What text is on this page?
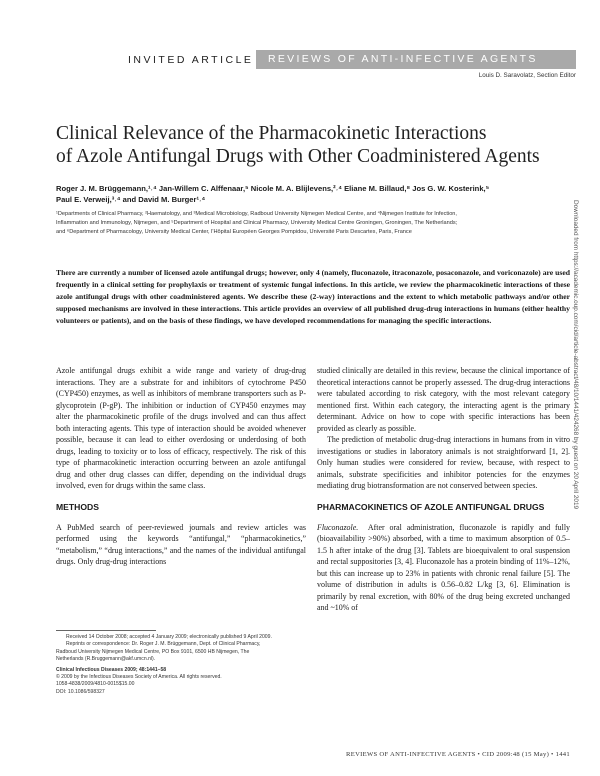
INVITED ARTICLE	REVIEWS OF ANTI-INFECTIVE AGENTS
Louis D. Saravolatz, Section Editor
Clinical Relevance of the Pharmacokinetic Interactions
of Azole Antifungal Drugs with Other Coadministered Agents
Roger J. M. Brüggemann,¹˒⁴ Jan-Willem C. Alffenaar,⁵ Nicole M. A. Blijlevens,²˒⁴ Eliane M. Billaud,⁸ Jos G. W. Kosterink,⁵
Paul E. Verweij,³˒⁴ and David M. Burger¹˒⁴
¹Departments of Clinical Pharmacy, ²Haematology, and ³Medical Microbiology, Radboud University Nijmegen Medical Centre, and ⁴Nijmegen Institute for Infection,
Inflammation and Immunology, Nijmegen, and ⁵Department of Hospital and Clinical Pharmacy, University Medical Centre Groningen, Groningen, The Netherlands;
and ⁶Department of Pharmacology, University Medical Center, l'Hôpital Européen Georges Pompidou, Université Paris Descartes, Paris, France
There are currently a number of licensed azole antifungal drugs; however, only 4 (namely, fluconazole, itraconazole, posaconazole, and voriconazole) are used frequently in a clinical setting for prophylaxis or treatment of systemic fungal infections. In this article, we review the pharmacokinetic interactions of these azole antifungal drugs with other coadministered agents. We describe these (2-way) interactions and the extent to which metabolic pathways and/or other supposed mechanisms are involved in these interactions. This article provides an overview of all published drug-drug interactions in humans (either healthy volunteers or patients), and on the basis of these findings, we have developed recommendations for managing the specific interactions.

Azole antifungal drugs exhibit a wide range and variety of drug-drug interactions. They are a substrate for and inhibitors of cytochrome P450 (CYP450) enzymes, as well as inhibitors of membrane transporters such as P-glycoprotein (P-gP). The inhibition or induction of CYP450 enzymes may alter the pharmacokinetic profile of the drugs involved and can thus affect both interacting agents. This type of interaction should be avoided whenever possible, because it can lead to either overdosing or underdosing of both drugs, leading to toxicity or to loss of efficacy, respectively. The risk of this type of pharmacokinetic interaction occurring between an azole antifungal drug and other drug classes can differ, depending on the individual drugs involved, even for drugs within the same class.

METHODS

A PubMed search of peer-reviewed journals and review articles was performed using the keywords “antifungal,” “pharmacokinetics,” “metabolism,” “drug interactions,” and the names of the individual antifungal drugs. Only drug-drug interactions

studied clinically are detailed in this review, because the clinical importance of theoretical interactions cannot be properly assessed. The drug-drug interactions were tabulated according to risk category, with the most relevant category mentioned first. Within each category, the interacting agent is the primary determinant. Advice on how to cope with specific interactions has been provided as clearly as possible.

The prediction of metabolic drug-drug interactions in humans from in vitro investigations or studies in laboratory animals is not straightforward [1, 2]. Only human studies were considered for review, because, with respect to animals, substrate specificities and inhibitor potencies for the enzymes mediating drug biotransformation are not conserved between species.

PHARMACOKINETICS OF AZOLE ANTIFUNGAL DRUGS

Fluconazole. After oral administration, fluconazole is rapidly and fully (bioavailability >90%) absorbed, with a time to maximum absorption of 0.5–1.5 h after intake of the drug [3]. Tablets are bioequivalent to oral suspension and rectal suppositories [3, 4]. Fluconazole has a protein binding of 11%–12%, but this can increase up to 23% in patients with chronic renal failure [5]. The volume of distribution in adults is 0.56–0.82 L/kg [3, 6]. Elimination is primarily by renal excretion, with 80% of the drug being excreted unchanged and ~10% of

Received 14 October 2008; accepted 4 January 2009; electronically published 9 April 2009.
Reprints or correspondence: Dr. Roger J. M. Brüggemann, Dept. of Clinical Pharmacy,
Radboud University Nijmegen Medical Centre, PO Box 9101, 6500 HB Nijmegen, The
Netherlands (R.Bruggemann@akf.umcn.nl).
Clinical Infectious Diseases 2009; 48:1441–58
© 2009 by the Infectious Diseases Society of America. All rights reserved.
1058-4838/2009/4810-0015$15.00
DOI: 10.1086/598327
REVIEWS OF ANTI-INFECTIVE AGENTS • CID 2009:48 (15 May) • 1441
Downloaded from https://academic.oup.com/cid/article-abstract/48/10/1441/424268 by guest on 20 April 2019
